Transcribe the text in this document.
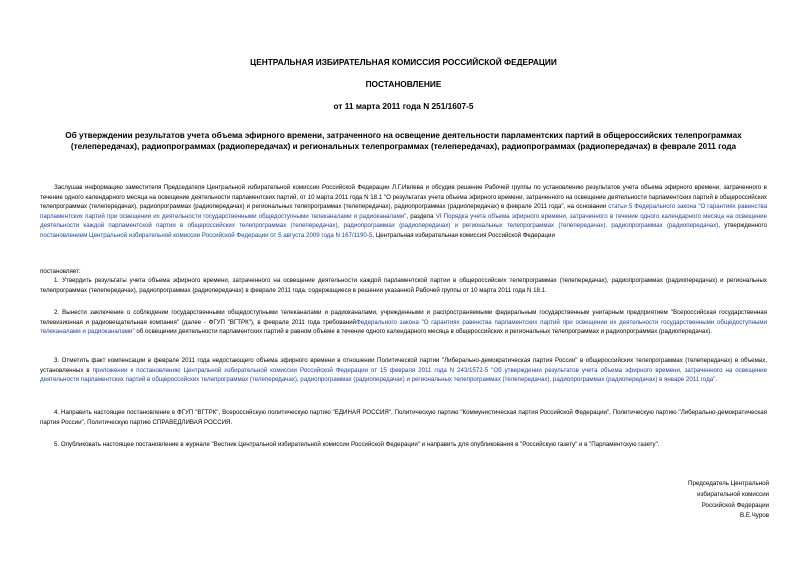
ЦЕНТРАЛЬНАЯ ИЗБИРАТЕЛЬНАЯ КОМИССИЯ РОССИЙСКОЙ ФЕДЕРАЦИИ
ПОСТАНОВЛЕНИЕ
от 11 марта 2011 года N 251/1607-5
Об утверждении результатов учета объема эфирного времени, затраченного на освещение деятельности парламентских партий в общероссийских телепрограммах (телепередачах), радиопрограммах (радиопередачах) и региональных телепрограммах (телепередачах), радиопрограммах (радиопередачах) в феврале 2011 года

Заслушав информацию заместителя Председателя Центральной избирательной комиссии Российской Федерации Л.Г.Ивлева и обсудив решение Рабочей группы по установлению результатов учета объема эфирного времени, затраченного в течение одного календарного месяца на освещение деятельности парламентских партий, от 10 марта 2011 года N 18.1 "О результатах учета объема эфирного времени, затраченного на освещение деятельности парламентских партий в общероссийских телепрограммах (телепередачах), радиопрограммах (радиопередачах) и региональных телепрограммах (телепередачах), радиопрограммах (радиопередачах) в феврале 2011 года", на основании статьи 5 Федерального закона "О гарантиях равенства парламентских партий при освещении их деятельности государственными общедоступными телеканалами и радиоканалами", раздела VI Порядка учета объема эфирного времени, затраченного в течение одного календарного месяца на освещение деятельности каждой парламентской партии в общероссийских телепрограммах (телепередачах), радиопрограммах (радиопередачах) и региональных телепрограммах (телепередачах), радиопрограммах (радиопередачах), утвержденного постановлением Центральной избирательной комиссии Российской Федерации от 5 августа 2009 года N 167/1190-5, Центральная избирательная комиссия Российской Федерации

постановляет:

1. Утвердить результаты учета объема эфирного времени, затраченного на освещение деятельности каждой парламентской партии в общероссийских телепрограммах (телепередачах), радиопрограммах (радиопередачах) и региональных телепрограммах (телепередачах), радиопрограммах (радиопередачах) в феврале 2011 года, содержащиеся в решении указанной Рабочей группы от 10 марта 2011 года N 18.1.

2. Вынести заключение о соблюдении государственными общедоступными телеканалами и радиоканалами, учрежденными и распространяемыми федеральным государственным унитарным предприятием "Всероссийская государственная телевизионная и радиовещательная компания" (далее - ФГУП "ВГТРК"), в феврале 2011 года требованийФедерального закона "О гарантиях равенства парламентских партий при освещении их деятельности государственными общедоступными телеканалами и радиоканалами" об освещении деятельности парламентских партий в равном объеме в течение одного календарного месяца в общероссийских и региональных телепрограммах и радиопрограммах (радиопередачах).

3. Отметить факт компенсации в феврале 2011 года недостающего объема эфирного времени в отношении Политической партии "Либерально-демократическая партия России" в общероссийских телепрограммах (телепередачах) в объемах, установленных в приложении к постановлению Центральной избирательной комиссии Российской Федерации от 15 февраля 2011 года N 243/1572-5 "Об утверждении результатов учета объема эфирного времени, затраченного на освещение деятельности парламентских партий в общероссийских телепрограммах (телепередачах), радиопрограммах (радиопередачах) и региональных телепрограммах (телепередачах), радиопрограммах (радиопередачах) в январе 2011 года".

4. Направить настоящее постановление в ФГУП "ВГТРК", Всероссийскую политическую партию "ЕДИНАЯ РОССИЯ", Политическую партию "Коммунистическая партия Российской Федерации", Политическую партию "Либерально-демократическая партия России", Политическую партию СПРАВЕДЛИВАЯ РОССИЯ.

5. Опубликовать настоящее постановление в журнале "Вестник Центральной избирательной комиссии Российской Федерации" и направить для опубликования в "Российскую газету" и в "Парламентскую газету".

Председатель Центральной
избирательной комиссии
Российской Федерации
В.Е.Чуров
